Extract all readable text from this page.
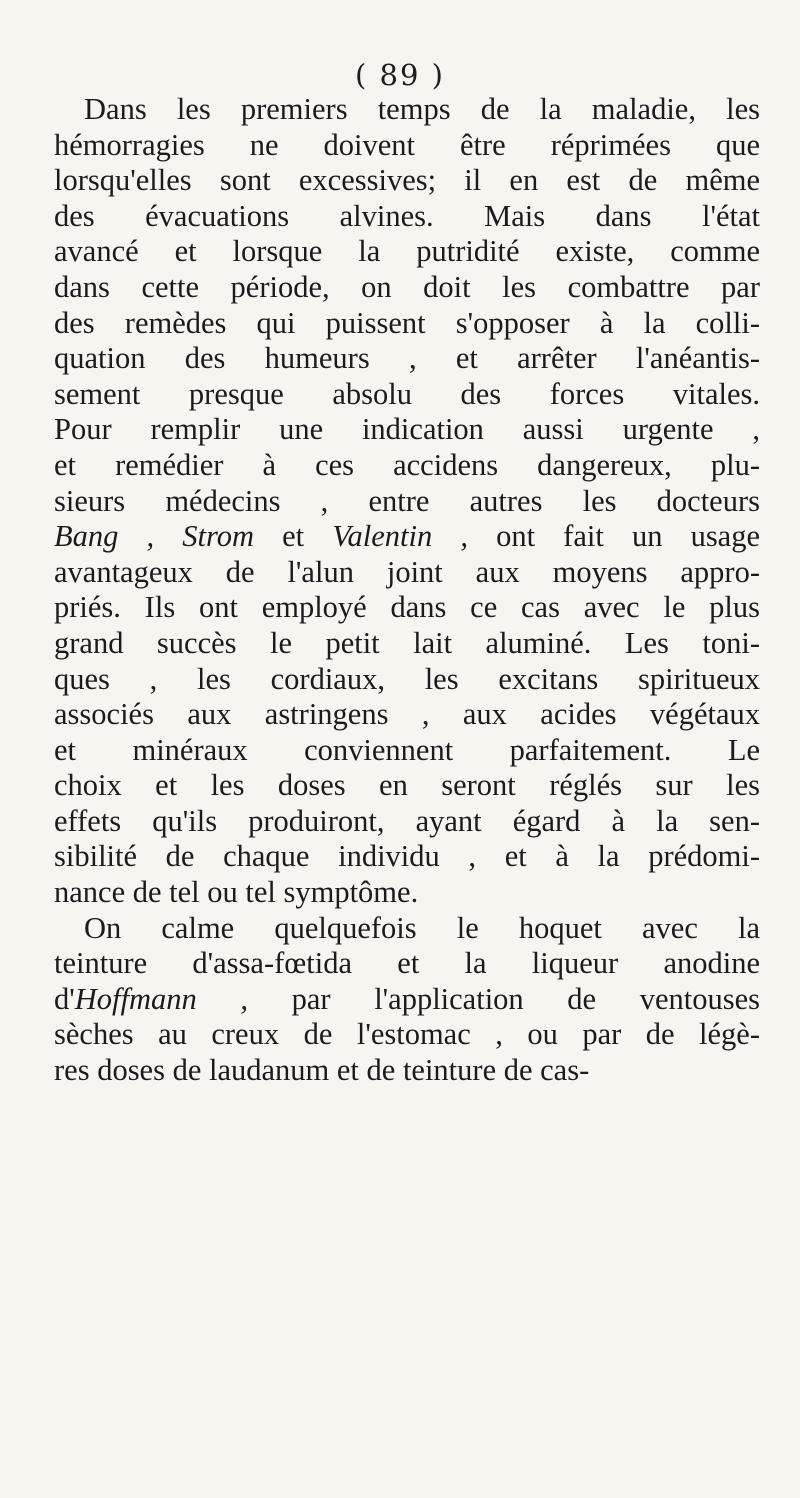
( 89 )
Dans les premiers temps de la maladie, les
hémorragies ne doivent être réprimées que
lorsqu'elles sont excessives; il en est de même
des évacuations alvines. Mais dans l'état
avancé et lorsque la putridité existe, comme
dans cette période, on doit les combattre par
des remèdes qui puissent s'opposer à la colli-
quation des humeurs , et arrêter l'anéantis-
sement presque absolu des forces vitales.
Pour remplir une indication aussi urgente ,
et remédier à ces accidens dangereux, plu-
sieurs médecins , entre autres les docteurs
Bang , Strom et Valentin , ont fait un usage
avantageux de l'alun joint aux moyens appro-
priés. Ils ont employé dans ce cas avec le plus
grand succès le petit lait aluminé. Les toni-
ques , les cordiaux, les excitans spiritueux
associés aux astringens , aux acides végétaux
et minéraux conviennent parfaitement. Le
choix et les doses en seront réglés sur les
effets qu'ils produiront, ayant égard à la sen-
sibilité de chaque individu , et à la prédomi-
nance de tel ou tel symptôme.
On calme quelquefois le hoquet avec la
teinture d'assa-fœtida et la liqueur anodine
d'Hoffmann , par l'application de ventouses
sèches au creux de l'estomac , ou par de légè-
res doses de laudanum et de teinture de cas-
